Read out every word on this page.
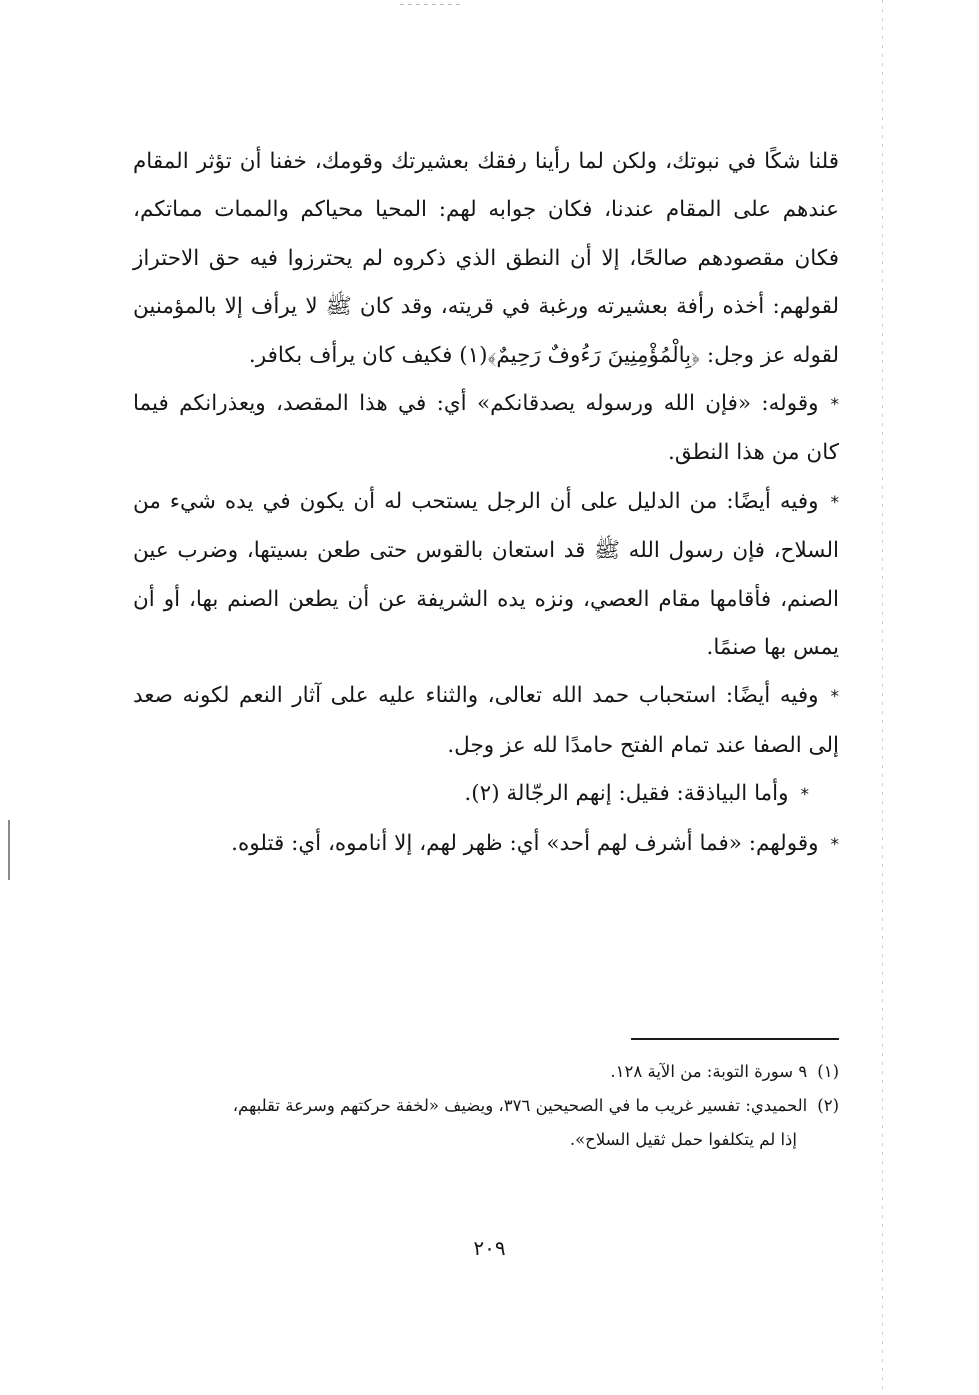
قلنا شكًا في نبوتك، ولكن لما رأينا رفقك بعشيرتك وقومك، خفنا أن تؤثر المقام عندهم على المقام عندنا، فكان جوابه لهم: المحيا محياكم والممات مماتكم، فكان مقصودهم صالحًا، إلا أن النطق الذي ذكروه لم يحترزوا فيه حق الاحتراز لقولهم: أخذه رأفة بعشيرته ورغبة في قريته، وقد كان ﷺ لا يرأف إلا بالمؤمنين لقوله عز وجل: ﴿بِالْمُؤْمِنِينَ رَءُوفٌ رَحِيمٌ﴾(١) فكيف كان يرأف بكافر.

*وقوله: «فإن الله ورسوله يصدقانكم» أي: في هذا المقصد، ويعذرانكم فيما كان من هذا النطق.

*وفيه أيضًا: من الدليل على أن الرجل يستحب له أن يكون في يده شيء من السلاح، فإن رسول الله ﷺ قد استعان بالقوس حتى طعن بسيتها، وضرب عين الصنم، فأقامها مقام العصي، ونزه يده الشريفة عن أن يطعن الصنم بها، أو أن يمس بها صنمًا.

*وفيه أيضًا: استحباب حمد الله تعالى، والثناء عليه على آثار النعم لكونه صعد إلى الصفا عند تمام الفتح حامدًا لله عز وجل.

*وأما البياذقة: فقيل: إنهم الرجّالة (٢).

*وقولهم: «فما أشرف لهم أحد» أي: ظهر لهم، إلا أناموه، أي: قتلوه.

(١)٩ سورة التوبة: من الآية ١٢٨.

(٢)الحميدي: تفسير غريب ما في الصحيحين ٣٧٦، ويضيف «لخفة حركتهم وسرعة تقلبهم،

إذا لم يتكلفوا حمل ثقيل السلاح».

٢٠٩
